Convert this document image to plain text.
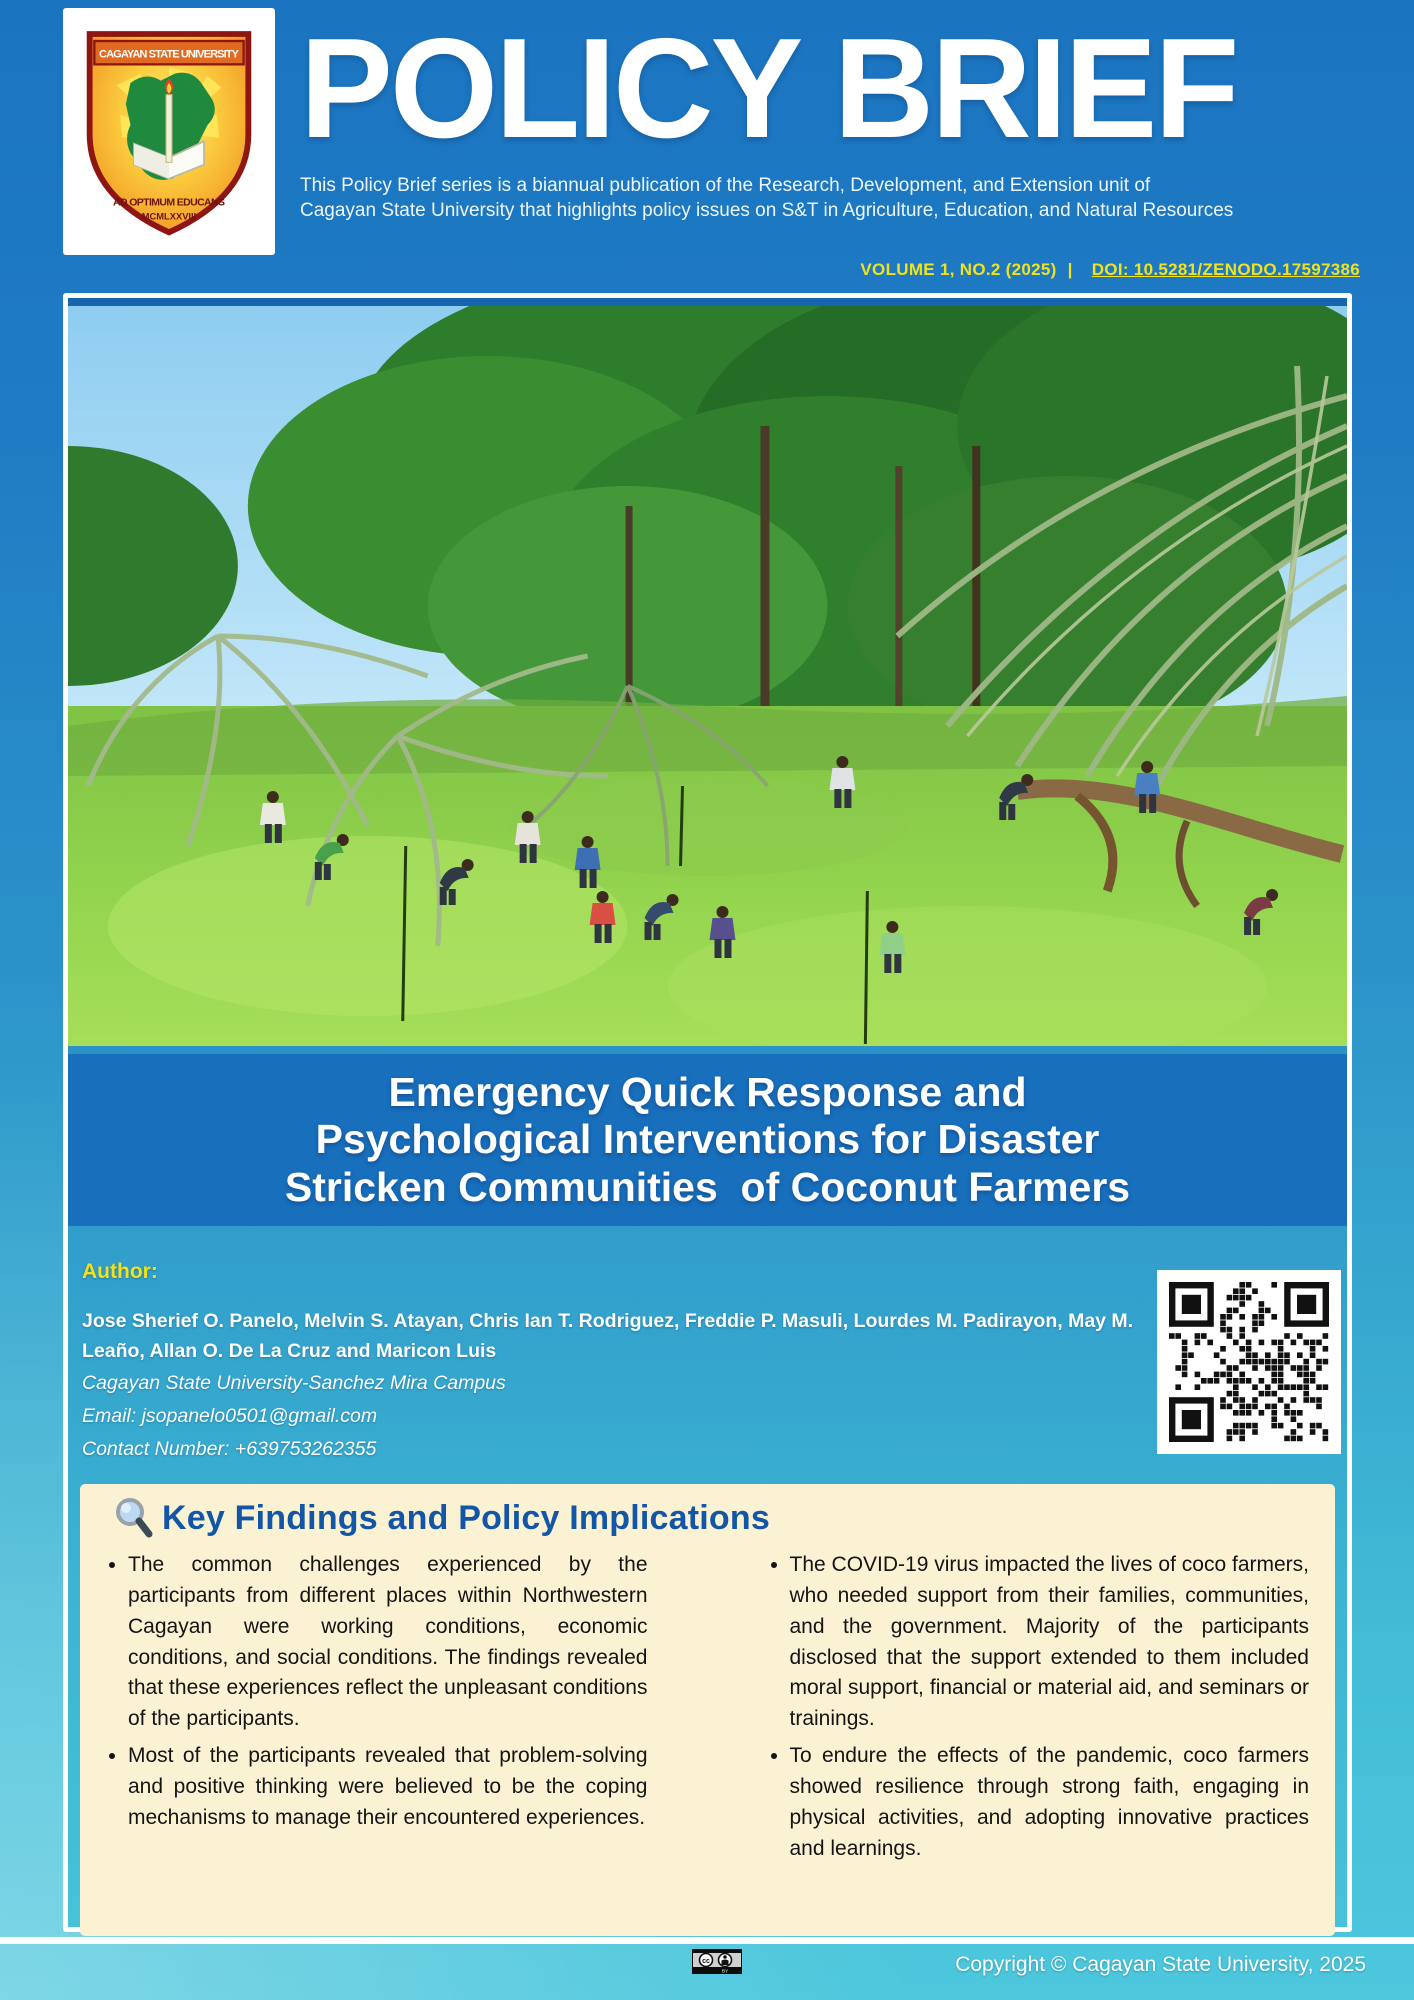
CAGAYAN STATE UNIVERSITY
AD OPTIMUM EDUCANS
MCMLXXVIII
POLICY BRIEF
This Policy Brief series is a biannual publication of the Research, Development, and Extension unit of
Cagayan State University that highlights policy issues on S&T in Agriculture, Education, and Natural Resources
VOLUME 1, NO.2 (2025) | DOI: 10.5281/ZENODO.17597386
Emergency Quick Response and
Psychological Interventions for Disaster
Stricken Communities  of Coconut Farmers
Author:
Jose Sherief O. Panelo, Melvin S. Atayan, Chris Ian T. Rodriguez, Freddie P. Masuli, Lourdes M. Padirayon, May M. Leaño, Allan O. De La Cruz and Maricon Luis
Cagayan State University-Sanchez Mira Campus
Email: jsopanelo0501@gmail.com
Contact Number: +639753262355
Key Findings and Policy Implications
• The common challenges experienced by the participants from different places within Northwestern Cagayan were working conditions, economic conditions, and social conditions. The findings revealed that these experiences reflect the unpleasant conditions of the participants.
• Most of the participants revealed that problem-solving and positive thinking were believed to be the coping mechanisms to manage their encountered experiences.
• The COVID-19 virus impacted the lives of coco farmers, who needed support from their families, communities, and the government. Majority of the participants disclosed that the support extended to them included moral support, financial or material aid, and seminars or trainings.
• To endure the effects of the pandemic, coco farmers showed resilience through strong faith, engaging in physical activities, and adopting innovative practices and learnings.
cc
BY	Copyright © Cagayan State University, 2025
